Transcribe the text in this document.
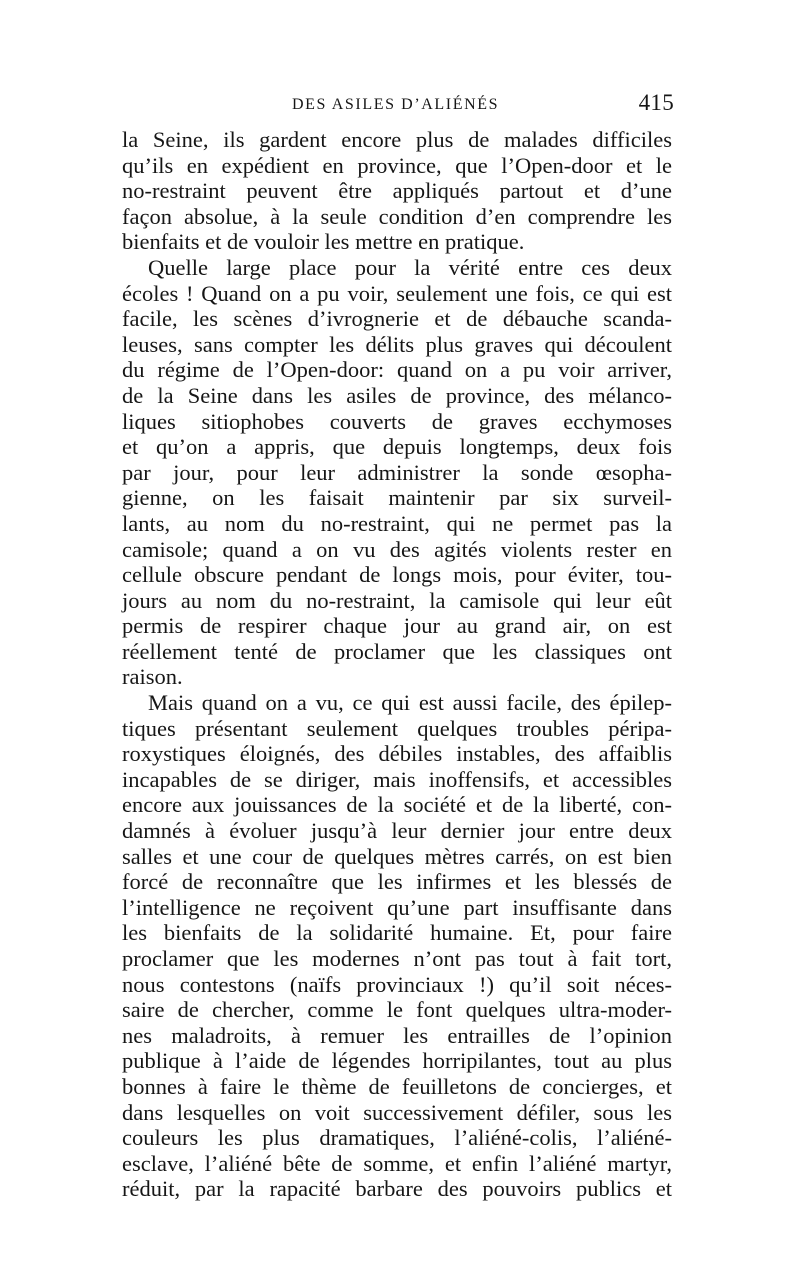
DES ASILES D’ALIÉNÉS	415
la Seine, ils gardent encore plus de malades difficiles
qu’ils en expédient en province, que l’Open-door et le
no-restraint peuvent être appliqués partout et d’une
façon absolue, à la seule condition d’en comprendre les
bienfaits et de vouloir les mettre en pratique.
Quelle large place pour la vérité entre ces deux
écoles ! Quand on a pu voir, seulement une fois, ce qui est
facile, les scènes d’ivrognerie et de débauche scanda-
leuses, sans compter les délits plus graves qui découlent
du régime de l’Open-door: quand on a pu voir arriver,
de la Seine dans les asiles de province, des mélanco-
liques sitiophobes couverts de graves ecchymoses
et qu’on a appris, que depuis longtemps, deux fois
par jour, pour leur administrer la sonde œsopha-
gienne, on les faisait maintenir par six surveil-
lants, au nom du no-restraint, qui ne permet pas la
camisole; quand a on vu des agités violents rester en
cellule obscure pendant de longs mois, pour éviter, tou-
jours au nom du no-restraint, la camisole qui leur eût
permis de respirer chaque jour au grand air, on est
réellement tenté de proclamer que les classiques ont
raison.
Mais quand on a vu, ce qui est aussi facile, des épilep-
tiques présentant seulement quelques troubles péripa-
roxystiques éloignés, des débiles instables, des affaiblis
incapables de se diriger, mais inoffensifs, et accessibles
encore aux jouissances de la société et de la liberté, con-
damnés à évoluer jusqu’à leur dernier jour entre deux
salles et une cour de quelques mètres carrés, on est bien
forcé de reconnaître que les infirmes et les blessés de
l’intelligence ne reçoivent qu’une part insuffisante dans
les bienfaits de la solidarité humaine. Et, pour faire
proclamer que les modernes n’ont pas tout à fait tort,
nous contestons (naïfs provinciaux !) qu’il soit néces-
saire de chercher, comme le font quelques ultra-moder-
nes maladroits, à remuer les entrailles de l’opinion
publique à l’aide de légendes horripilantes, tout au plus
bonnes à faire le thème de feuilletons de concierges, et
dans lesquelles on voit successivement défiler, sous les
couleurs les plus dramatiques, l’aliéné-colis, l’aliéné-
esclave, l’aliéné bête de somme, et enfin l’aliéné martyr,
réduit, par la rapacité barbare des pouvoirs publics et
